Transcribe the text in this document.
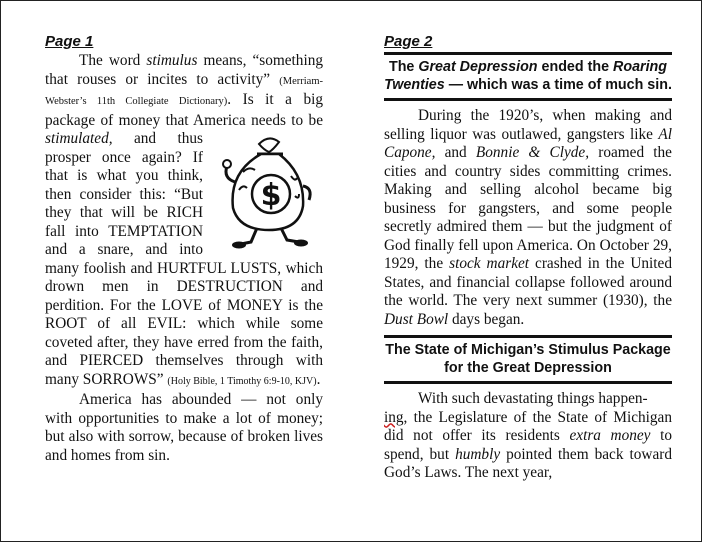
Page 1

The word stimulus means, “something that rouses or incites to activity” (Merriam-Webster’s 11th Collegiate Dictionary). Is it a big package of money that America needs to be
$
stimulated, and thus prosper once again? If that is what you think, then consider this: “But they that will be RICH fall into TEMPTATION and a snare, and into many foolish and HURTFUL LUSTS, which drown men in DESTRUCTION and perdition. For the LOVE of MONEY is the ROOT of all EVIL: which while some coveted after, they have erred from the faith, and PIERCED themselves through with many SORROWS” (Holy Bible, 1 Timothy 6:9-10, KJV).

America has abounded — not only with opportunities to make a lot of money; but also with sorrow, because of broken lives and homes from sin.

Page 2
The Great Depression ended the Roaring Twenties — which was a time of much sin.

During the 1920’s, when making and selling liquor was outlawed, gangsters like Al Capone, and Bonnie & Clyde, roamed the cities and country sides committing crimes. Making and selling alcohol became big business for gangsters, and some people secretly admired them — but the judgment of God finally fell upon America. On October 29, 1929, the stock market crashed in the United States, and financial collapse followed around the world. The very next summer (1930), the Dust Bowl days began.

The State of Michigan’s Stimulus Package for the Great Depression

With such devastating things happen-
ing, the Legislature of the State of Michigan did not offer its residents extra money to spend, but humbly pointed them back toward God’s Laws. The next year,
